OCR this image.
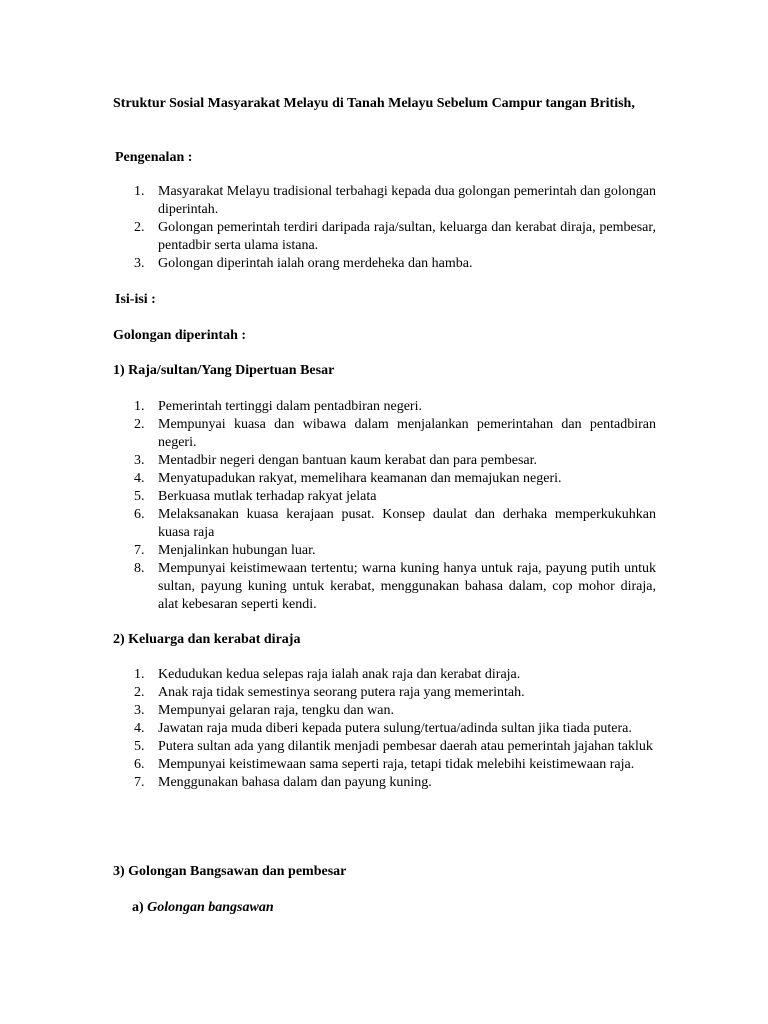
Struktur Sosial Masyarakat Melayu di Tanah Melayu Sebelum Campur tangan British,

Pengenalan :

1. Masyarakat Melayu tradisional terbahagi kepada dua golongan pemerintah dan golongan diperintah.
2. Golongan pemerintah terdiri daripada raja/sultan, keluarga dan kerabat diraja, pembesar, pentadbir serta ulama istana.
3. Golongan diperintah ialah orang merdeheka dan hamba.

Isi-isi :

Golongan diperintah :

1) Raja/sultan/Yang Dipertuan Besar

1. Pemerintah tertinggi dalam pentadbiran negeri.
2. Mempunyai kuasa dan wibawa dalam menjalankan pemerintahan dan pentadbiran negeri.
3. Mentadbir negeri dengan bantuan kaum kerabat dan para pembesar.
4. Menyatupadukan rakyat, memelihara keamanan dan memajukan negeri.
5. Berkuasa mutlak terhadap rakyat jelata
6. Melaksanakan kuasa kerajaan pusat. Konsep daulat dan derhaka memperkukuhkan kuasa raja
7. Menjalinkan hubungan luar.
8. Mempunyai keistimewaan tertentu; warna kuning hanya untuk raja, payung putih untuk sultan, payung kuning untuk kerabat, menggunakan bahasa dalam, cop mohor diraja, alat kebesaran seperti kendi.

2) Keluarga dan kerabat diraja

1. Kedudukan kedua selepas raja ialah anak raja dan kerabat diraja.
2. Anak raja tidak semestinya seorang putera raja yang memerintah.
3. Mempunyai gelaran raja, tengku dan wan.
4. Jawatan raja muda diberi kepada putera sulung/tertua/adinda sultan jika tiada putera.
5. Putera sultan ada yang dilantik menjadi pembesar daerah atau pemerintah jajahan takluk
6. Mempunyai keistimewaan sama seperti raja, tetapi tidak melebihi keistimewaan raja.
7. Menggunakan bahasa dalam dan payung kuning.

3) Golongan Bangsawan dan pembesar

a) Golongan bangsawan
